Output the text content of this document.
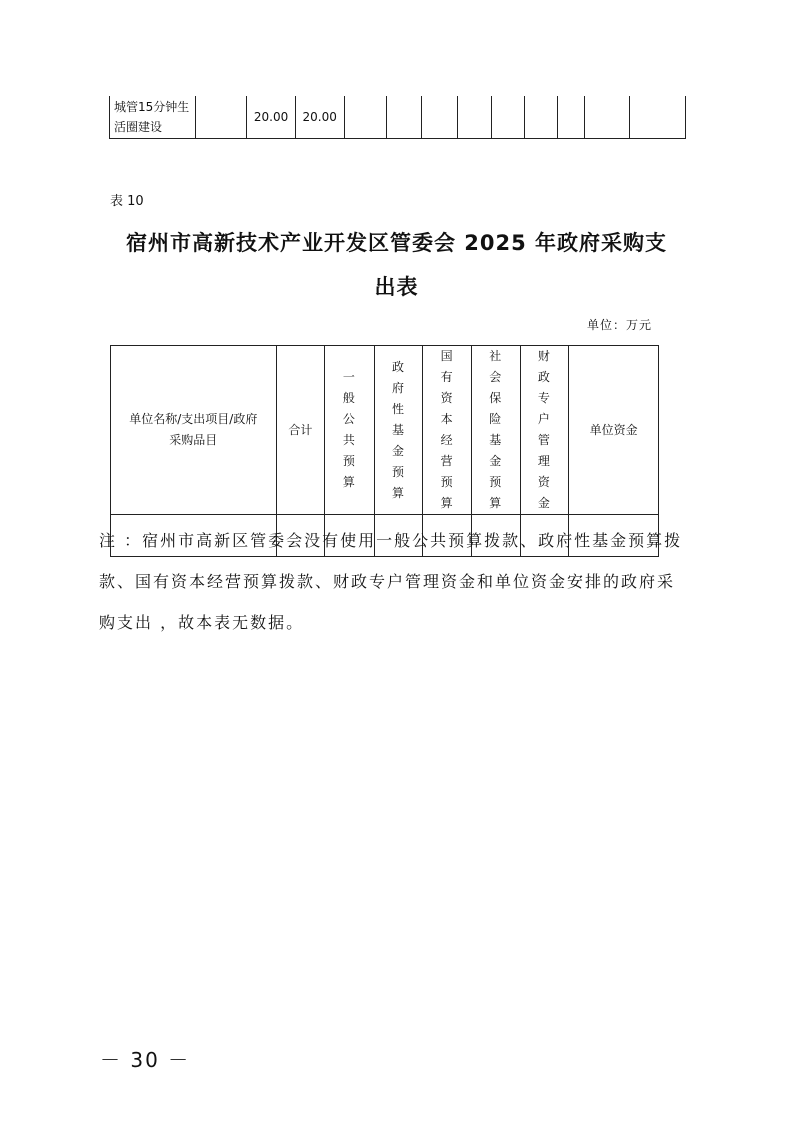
城管15分钟生活圈建设		20.00	20.00									
表 10
宿州市高新技术产业开发区管委会 2025 年政府采购支
出表
单位：万元
单位名称/支出项目/政府采购品目	合计	一般公共预算	政府性基金预算	国有资本经营预算	社会保险基金预算	财政专户管理资金	单位资金

注 ：宿州市高新区管委会没有使用一般公共预算拨款、政府性基金预算拨款、国有资本经营预算拨款、财政专户管理资金和单位资金安排的政府采购支出 ，故本表无数据。
－ 30 －
